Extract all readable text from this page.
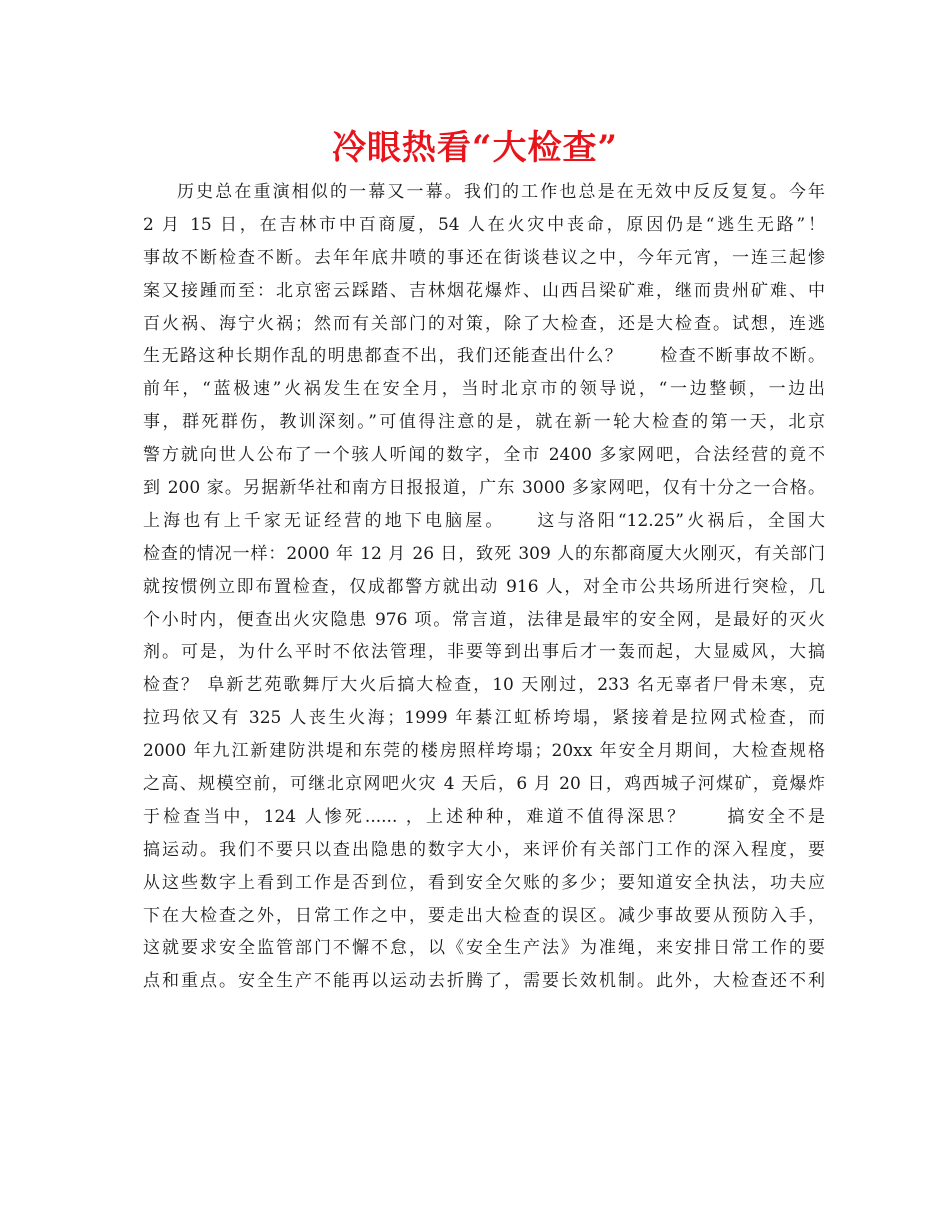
冷眼热看“大检查”
历史总在重演相似的一幕又一幕。我们的工作也总是在无效中反反复复。今年
2 月 15 日，在吉林市中百商厦，54 人在火灾中丧命，原因仍是“逃生无路”！
事故不断检查不断。去年年底井喷的事还在街谈巷议之中，今年元宵，一连三起惨
案又接踵而至：北京密云踩踏、吉林烟花爆炸、山西吕梁矿难，继而贵州矿难、中
百火祸、海宁火祸；然而有关部门的对策，除了大检查，还是大检查。试想，连逃
生无路这种长期作乱的明患都查不出，我们还能查出什么？　　检查不断事故不断。
前年，“蓝极速”火祸发生在安全月，当时北京市的领导说，“一边整顿，一边出
事，群死群伤，教训深刻。”可值得注意的是，就在新一轮大检查的第一天，北京
警方就向世人公布了一个骇人听闻的数字，全市 2400 多家网吧，合法经营的竟不
到 200 家。另据新华社和南方日报报道，广东 3000 多家网吧，仅有十分之一合格。
上海也有上千家无证经营的地下电脑屋。　　这与洛阳“12.25”火祸后，全国大
检查的情况一样：2000 年 12 月 26 日，致死 309 人的东都商厦大火刚灭，有关部门
就按惯例立即布置检查，仅成都警方就出动 916 人，对全市公共场所进行突检，几
个小时内，便查出火灾隐患 976 项。常言道，法律是最牢的安全网，是最好的灭火
剂。可是，为什么平时不依法管理，非要等到出事后才一轰而起，大显威风，大搞
检查？ 阜新艺苑歌舞厅大火后搞大检查，10 天刚过，233 名无辜者尸骨未寒，克
拉玛依又有 325 人丧生火海；1999 年綦江虹桥垮塌，紧接着是拉网式检查，而
2000 年九江新建防洪堤和东莞的楼房照样垮塌；20xx 年安全月期间，大检查规格
之高、规模空前，可继北京网吧火灾 4 天后，6 月 20 日，鸡西城子河煤矿，竟爆炸
于检查当中，124 人惨死...... ，上述种种，难道不值得深思？　　搞安全不是
搞运动。我们不要只以查出隐患的数字大小，来评价有关部门工作的深入程度，要
从这些数字上看到工作是否到位，看到安全欠账的多少；要知道安全执法，功夫应
下在大检查之外，日常工作之中，要走出大检查的误区。减少事故要从预防入手，
这就要求安全监管部门不懈不怠，以《安全生产法》为准绳，来安排日常工作的要
点和重点。安全生产不能再以运动去折腾了，需要长效机制。此外，大检查还不利
